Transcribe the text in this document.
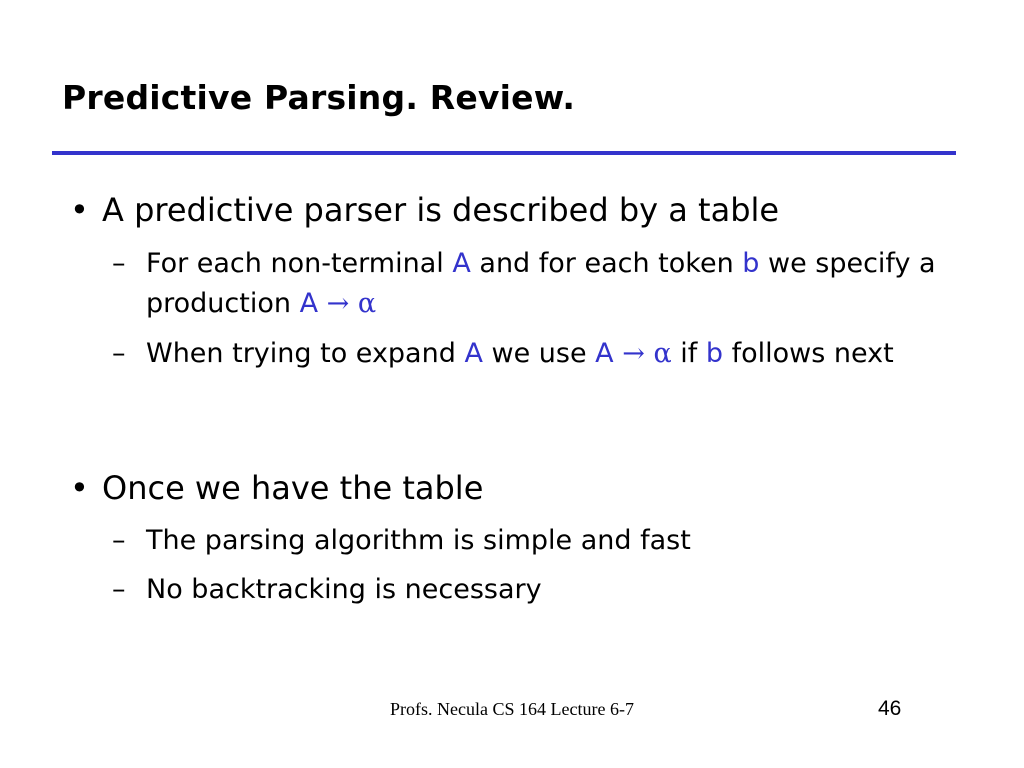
Predictive Parsing. Review.
• A predictive parser is described by a table
– For each non-terminal A and for each token b we specify a production A → α
– When trying to expand A we use A → α if b follows next
• Once we have the table
– The parsing algorithm is simple and fast
– No backtracking is necessary
Profs. Necula CS 164 Lecture 6-7	46
